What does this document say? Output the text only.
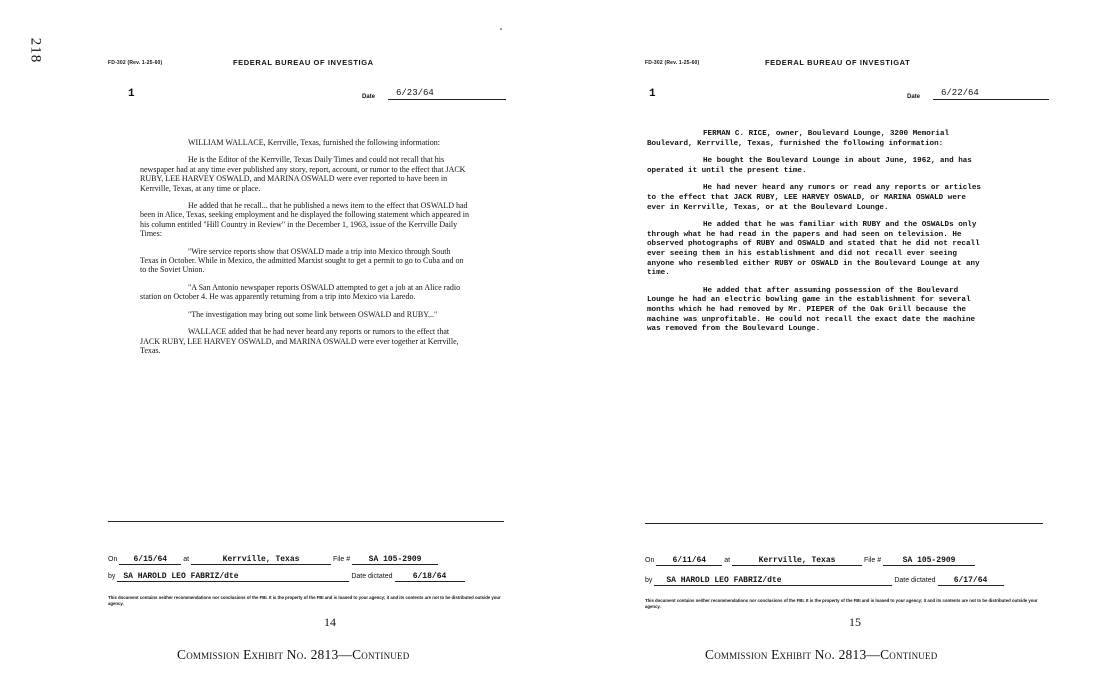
218	FD-302 (Rev. 1-25-60)	FEDERAL BUREAU OF INVESTIGA
1	Date	6/23/64

WILLIAM WALLACE, Kerrville, Texas, furnished the following information:

He is the Editor of the Kerrville, Texas Daily Times and could not recall that his newspaper had at any time ever published any story, report, account, or rumor to the effect that JACK RUBY, LEE HARVEY OSWALD, and MARINA OSWALD were ever reported to have been in Kerrville, Texas, at any time or place.

He added that he recall... that he published a news item to the effect that OSWALD had been in Alice, Texas, seeking employment and he displayed the following statement which appeared in his column entitled "Hill Country in Review" in the December 1, 1963, issue of the Kerrville Daily Times:

"Wire service reports show that OSWALD made a trip into Mexico through South Texas in October. While in Mexico, the admitted Marxist sought to get a permit to go to Cuba and on to the Soviet Union.

"A San Antonio newspaper reports OSWALD attempted to get a job at an Alice radio station on October 4. He was apparently returning from a trip into Mexico via Laredo.

"The investigation may bring out some link between OSWALD and RUBY..."

WALLACE added that he had never heard any reports or rumors to the effect that JACK RUBY, LEE HARVEY OSWALD, and MARINA OSWALD were ever together at Kerrville, Texas.

On 6/15/64 at	Kerrville, Texas	File # SA 105-2909
by SA HAROLD LEO FABRIZ/dte	Date dictated	6/18/64
This document contains neither recommendations nor conclusions of the FBI. It is the property of the FBI and is loaned to your agency; it and its contents are not to be distributed outside your agency.
14
Commission Exhibit No. 2813—Continued
FD-302 (Rev. 1-25-60)	FEDERAL BUREAU OF INVESTIGAT
1	Date	6/22/64

FERMAN C. RICE, owner, Boulevard Lounge, 3200 Memorial Boulevard, Kerrville, Texas, furnished the following information:

He bought the Boulevard Lounge in about June, 1962, and has operated it until the present time.

He had never heard any rumors or read any reports or articles to the effect that JACK RUBY, LEE HARVEY OSWALD, or MARINA OSWALD were ever in Kerrville, Texas, or at the Boulevard Lounge.

He added that he was familiar with RUBY and the OSWALDs only through what he had read in the papers and had seen on television. He observed photographs of RUBY and OSWALD and stated that he did not recall ever seeing them in his establishment and did not recall ever seeing anyone who resembled either RUBY or OSWALD in the Boulevard Lounge at any time.

He added that after assuming possession of the Boulevard Lounge he had an electric bowling game in the establishment for several months which he had removed by Mr. PIEPER of the Oak Grill because the machine was unprofitable. He could not recall the exact date the machine was removed from the Boulevard Lounge.

On 6/11/64	at	Kerrville, Texas	File #	SA 105-2909
by SA HAROLD LEO FABRIZ/dte	Date dictated 6/17/64
This document contains neither recommendations nor conclusions of the FBI. It is the property of the FBI and is loaned to your agency; it and its contents are not to be distributed outside your agency.
15
Commission Exhibit No. 2813—Continued
